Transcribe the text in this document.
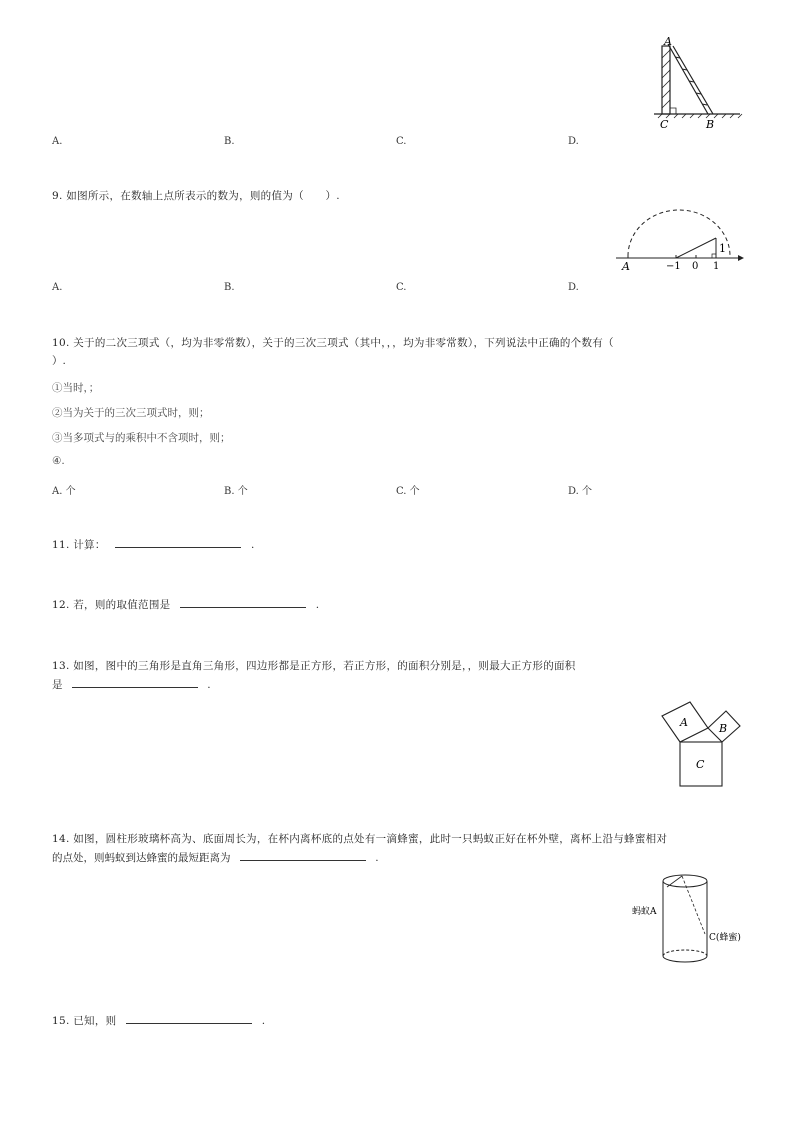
A
C	B
A.	B.	C.	D.
9. 如图所示，在数轴上点所表示的数为，则的值为（　　）.
A	−1 0 1
1
A.	B.	C.	D.
10. 关于的二次三项式（，均为非零常数），关于的三次三项式（其中，，，均为非零常数），下列说法中正确的个数有（
）.
①当时，；
②当为关于的三次三项式时，则；
③当多项式与的乘积中不含项时，则；
④.
A. 个	B. 个	C. 个	D. 个
11. 计算：	.
12. 若，则的取值范围是	.
13. 如图，图中的三角形是直角三角形，四边形都是正方形，若正方形，的面积分别是，，则最大正方形的面积
是	.
A	B
C
14. 如图，圆柱形玻璃杯高为、底面周长为，在杯内离杯底的点处有一滴蜂蜜，此时一只蚂蚁正好在杯外壁，离杯上沿与蜂蜜相对
的点处，则蚂蚁到达蜂蜜的最短距离为	.
蚂蚁A
C(蜂蜜)
15. 已知，则	.
